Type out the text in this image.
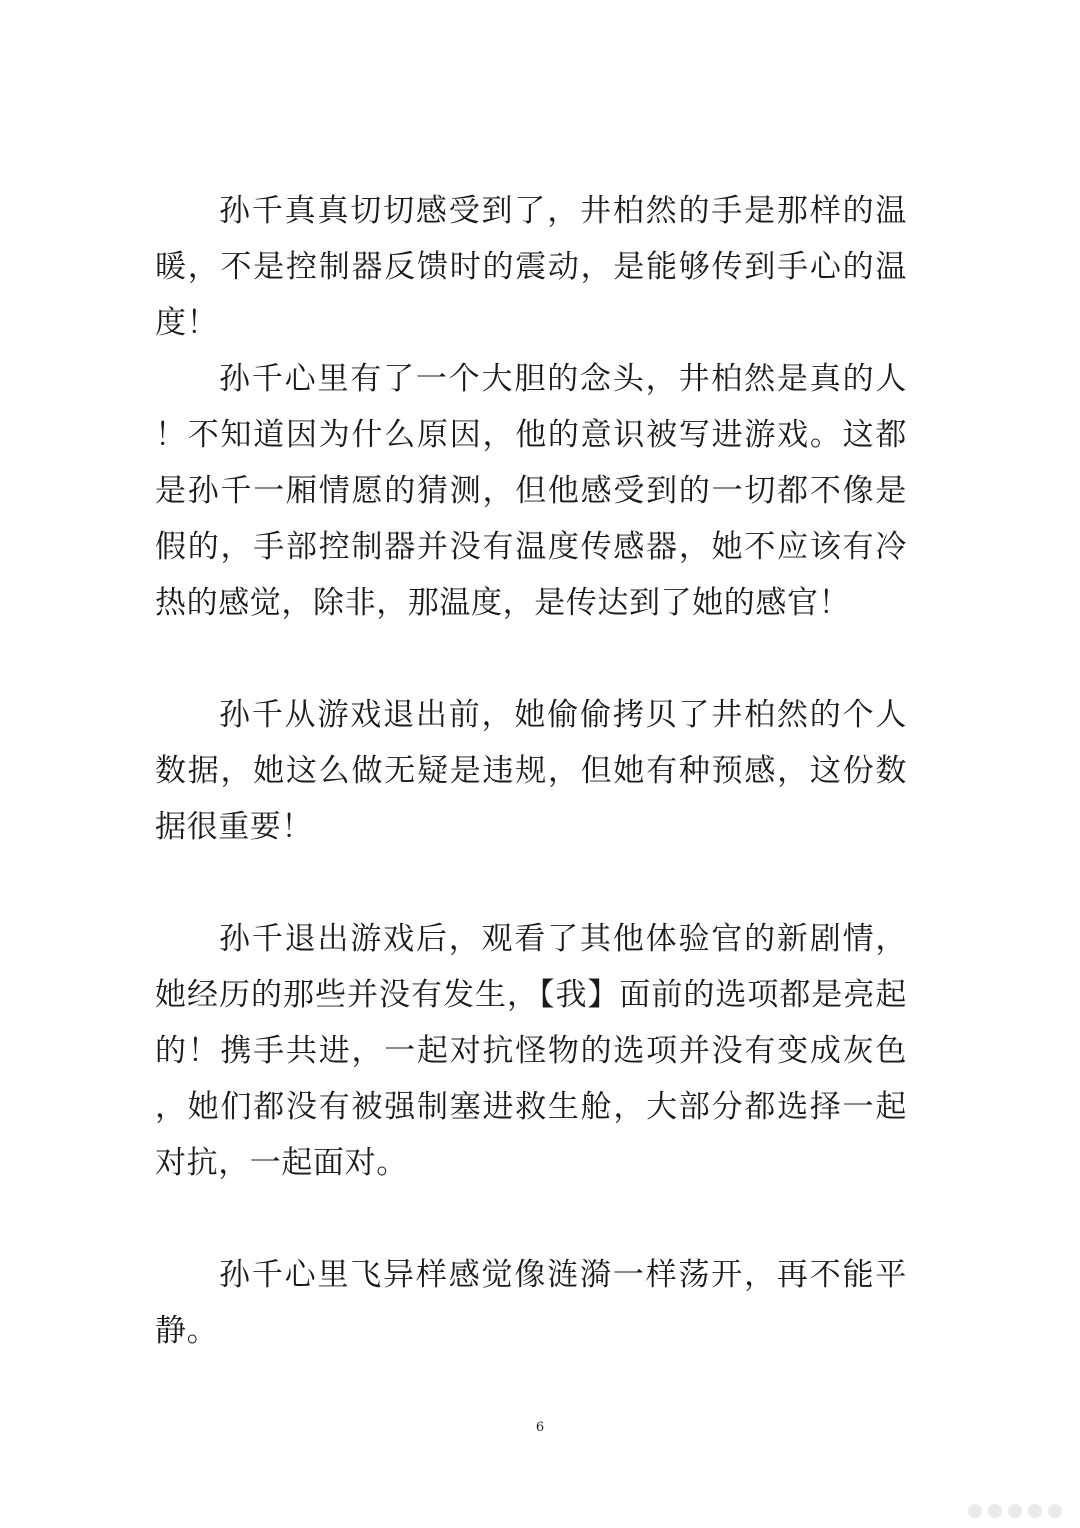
孙千真真切切感受到了，井柏然的手是那样的温暖，不是控制器反馈时的震动，是能够传到手心的温度！

孙千心里有了一个大胆的念头，井柏然是真的人！不知道因为什么原因，他的意识被写进游戏。这都是孙千一厢情愿的猜测，但他感受到的一切都不像是假的，手部控制器并没有温度传感器，她不应该有冷热的感觉，除非，那温度，是传达到了她的感官！

孙千从游戏退出前，她偷偷拷贝了井柏然的个人数据，她这么做无疑是违规，但她有种预感，这份数据很重要！

孙千退出游戏后，观看了其他体验官的新剧情，她经历的那些并没有发生，【我】面前的选项都是亮起的！携手共进，一起对抗怪物的选项并没有变成灰色，她们都没有被强制塞进救生舱，大部分都选择一起对抗，一起面对。

孙千心里飞异样感觉像涟漪一样荡开，再不能平静。

6
